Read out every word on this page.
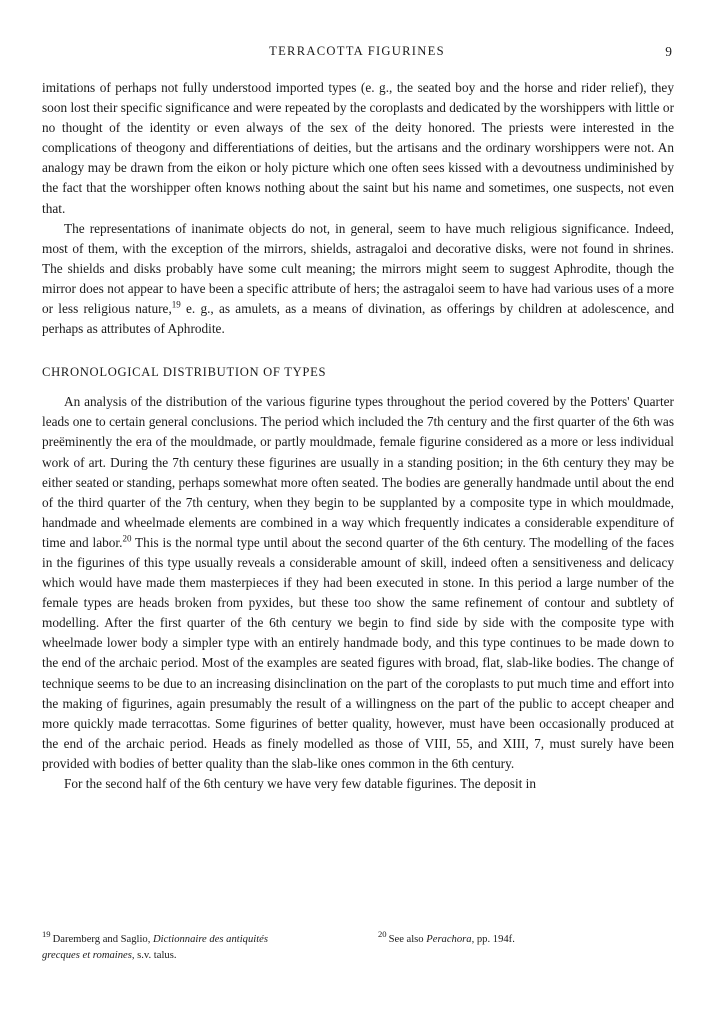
TERRACOTTA FIGURINES	9

imitations of perhaps not fully understood imported types (e. g., the seated boy and the horse and rider relief), they soon lost their specific significance and were repeated by the coroplasts and dedicated by the worshippers with little or no thought of the identity or even always of the sex of the deity honored. The priests were interested in the complications of theogony and differentiations of deities, but the artisans and the ordinary worshippers were not. An analogy may be drawn from the eikon or holy picture which one often sees kissed with a devoutness undiminished by the fact that the worshipper often knows nothing about the saint but his name and sometimes, one suspects, not even that.

The representations of inanimate objects do not, in general, seem to have much religious significance. Indeed, most of them, with the exception of the mirrors, shields, astragaloi and decorative disks, were not found in shrines. The shields and disks probably have some cult meaning; the mirrors might seem to suggest Aphrodite, though the mirror does not appear to have been a specific attribute of hers; the astragaloi seem to have had various uses of a more or less religious nature,$^{19}$ e. g., as amulets, as a means of divination, as offerings by children at adolescence, and perhaps as attributes of Aphrodite.

CHRONOLOGICAL DISTRIBUTION OF TYPES

An analysis of the distribution of the various figurine types throughout the period covered by the Potters' Quarter leads one to certain general conclusions. The period which included the 7th century and the first quarter of the 6th was preëminently the era of the mouldmade, or partly mouldmade, female figurine considered as a more or less individual work of art. During the 7th century these figurines are usually in a standing position; in the 6th century they may be either seated or standing, perhaps somewhat more often seated. The bodies are generally handmade until about the end of the third quarter of the 7th century, when they begin to be supplanted by a composite type in which mouldmade, handmade and wheelmade elements are combined in a way which frequently indicates a considerable expenditure of time and labor.$^{20}$ This is the normal type until about the second quarter of the 6th century. The modelling of the faces in the figurines of this type usually reveals a considerable amount of skill, indeed often a sensitiveness and delicacy which would have made them masterpieces if they had been executed in stone. In this period a large number of the female types are heads broken from pyxides, but these too show the same refinement of contour and subtlety of modelling. After the first quarter of the 6th century we begin to find side by side with the composite type with wheelmade lower body a simpler type with an entirely handmade body, and this type continues to be made down to the end of the archaic period. Most of the examples are seated figures with broad, flat, slab-like bodies. The change of technique seems to be due to an increasing disinclination on the part of the coroplasts to put much time and effort into the making of figurines, again presumably the result of a willingness on the part of the public to accept cheaper and more quickly made terracottas. Some figurines of better quality, however, must have been occasionally produced at the end of the archaic period. Heads as finely modelled as those of VIII, 55, and XIII, 7, must surely have been provided with bodies of better quality than the slab-like ones common in the 6th century.

For the second half of the 6th century we have very few datable figurines. The deposit in

$^{19}$ Daremberg and Saglio, Dictionnaire des antiquités
grecques et romaines, s.v. talus.
$^{20}$ See also Perachora, pp. 194f.
